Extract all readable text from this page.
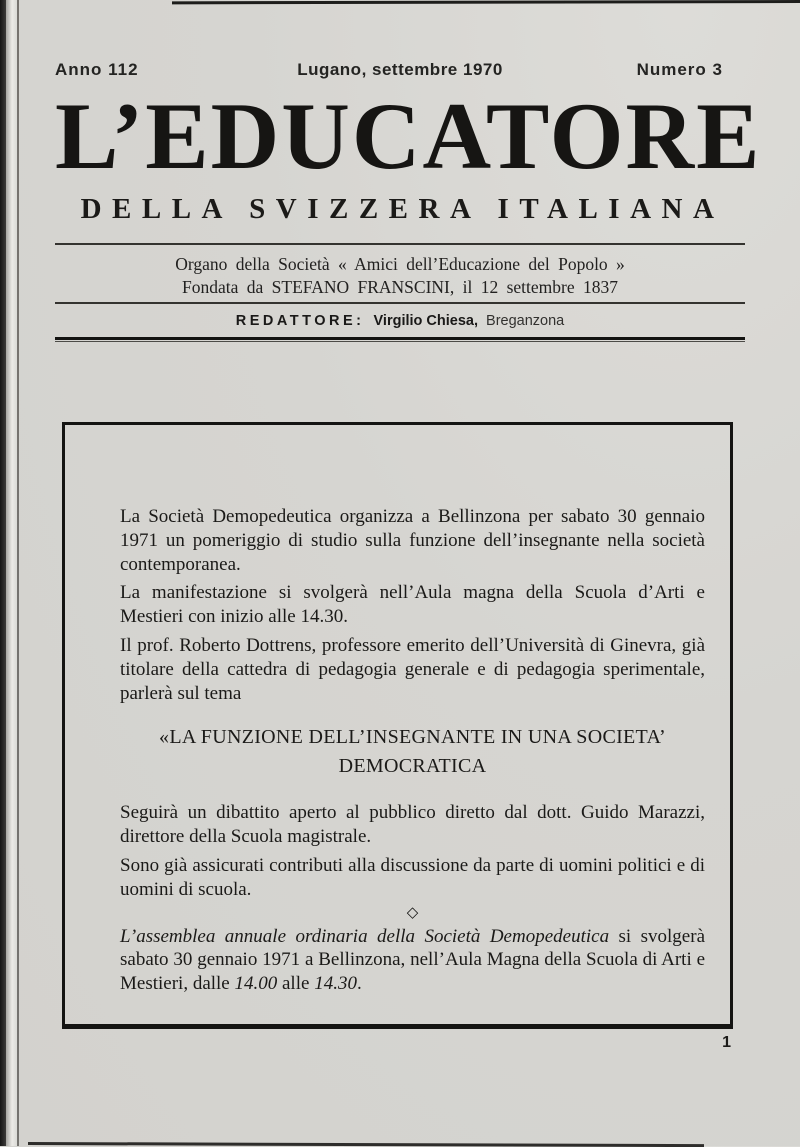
Anno 112	Lugano, settembre 1970	Numero 3
L’EDUCATORE
DELLA SVIZZERA ITALIANA
Organo della Società « Amici dell’Educazione del Popolo »
Fondata da STEFANO FRANSCINI, il 12 settembre 1837
REDATTORE: Virgilio Chiesa, Breganzona

La Società Demopedeutica organizza a Bellinzona per sabato 30 gennaio 1971 un pomeriggio di studio sulla funzione dell’insegnante nella società contemporanea.

La manifestazione si svolgerà nell’Aula magna della Scuola d’Arti e Mestieri con inizio alle 14.30.

Il prof. Roberto Dottrens, professore emerito dell’Università di Ginevra, già titolare della cattedra di pedagogia generale e di pedagogia sperimentale, parlerà sul tema

«LA FUNZIONE DELL’INSEGNANTE IN UNA SOCIETA’
DEMOCRATICA

Seguirà un dibattito aperto al pubblico diretto dal dott. Guido Marazzi, direttore della Scuola magistrale.

Sono già assicurati contributi alla discussione da parte di uomini politici e di uomini di scuola.

◇

L’assemblea annuale ordinaria della Società Demopedeutica si svolgerà sabato 30 gennaio 1971 a Bellinzona, nell’Aula Magna della Scuola di Arti e Mestieri, dalle 14.00 alle 14.30.

1
